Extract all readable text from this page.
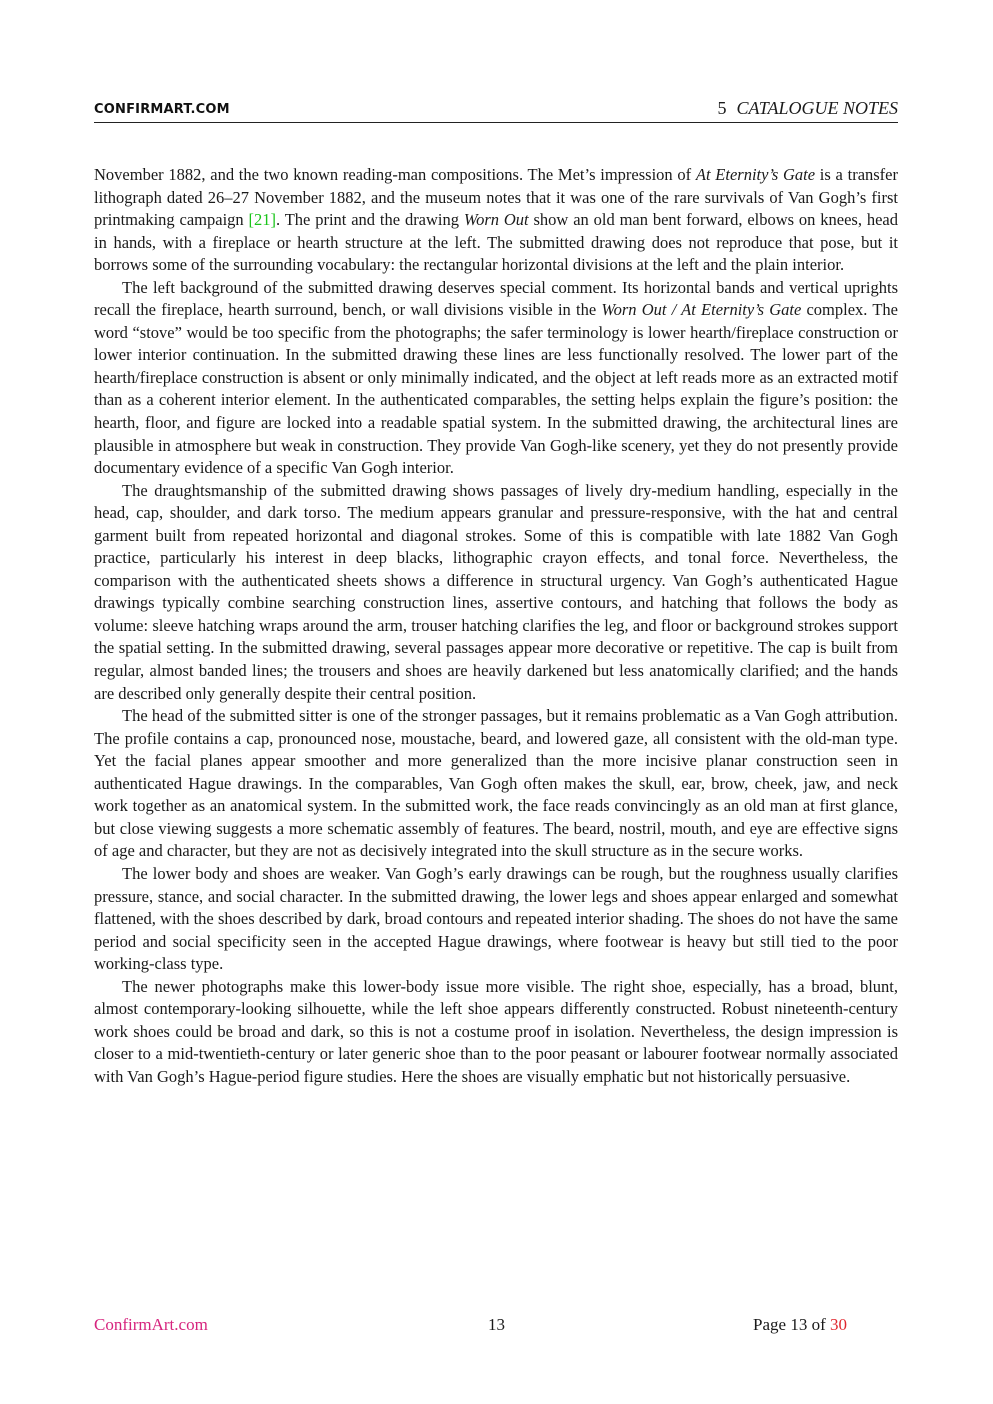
CONFIRMART.COM	5 CATALOGUE NOTES

November 1882, and the two known reading-man compositions. The Met’s impression of At Eternity’s Gate is a transfer lithograph dated 26–27 November 1882, and the museum notes that it was one of the rare survivals of Van Gogh’s first printmaking campaign [21]. The print and the drawing Worn Out show an old man bent forward, elbows on knees, head in hands, with a fireplace or hearth structure at the left. The submitted drawing does not reproduce that pose, but it borrows some of the surrounding vocabulary: the rectangular horizontal divisions at the left and the plain interior.

The left background of the submitted drawing deserves special comment. Its horizontal bands and vertical uprights recall the fireplace, hearth surround, bench, or wall divisions visible in the Worn Out / At Eternity’s Gate complex. The word “stove” would be too specific from the photographs; the safer terminology is lower hearth/fireplace construction or lower interior continuation. In the submitted drawing these lines are less functionally resolved. The lower part of the hearth/fireplace construction is absent or only minimally indicated, and the object at left reads more as an extracted motif than as a coherent interior element. In the authenticated comparables, the setting helps explain the figure’s position: the hearth, floor, and figure are locked into a readable spatial system. In the submitted drawing, the architectural lines are plausible in atmosphere but weak in construction. They provide Van Gogh-like scenery, yet they do not presently provide documentary evidence of a specific Van Gogh interior.

The draughtsmanship of the submitted drawing shows passages of lively dry-medium handling, especially in the head, cap, shoulder, and dark torso. The medium appears granular and pressure-responsive, with the hat and central garment built from repeated horizontal and diagonal strokes. Some of this is compatible with late 1882 Van Gogh practice, particularly his interest in deep blacks, lithographic crayon effects, and tonal force. Nevertheless, the comparison with the authenticated sheets shows a difference in structural urgency. Van Gogh’s authenticated Hague drawings typically combine searching construction lines, assertive contours, and hatching that follows the body as volume: sleeve hatching wraps around the arm, trouser hatching clarifies the leg, and floor or background strokes support the spatial setting. In the submitted drawing, several passages appear more decorative or repetitive. The cap is built from regular, almost banded lines; the trousers and shoes are heavily darkened but less anatomically clarified; and the hands are described only generally despite their central position.

The head of the submitted sitter is one of the stronger passages, but it remains problematic as a Van Gogh attribution. The profile contains a cap, pronounced nose, moustache, beard, and lowered gaze, all consistent with the old-man type. Yet the facial planes appear smoother and more generalized than the more incisive planar construction seen in authenticated Hague drawings. In the comparables, Van Gogh often makes the skull, ear, brow, cheek, jaw, and neck work together as an anatomical system. In the submitted work, the face reads convincingly as an old man at first glance, but close viewing suggests a more schematic assembly of features. The beard, nostril, mouth, and eye are effective signs of age and character, but they are not as decisively integrated into the skull structure as in the secure works.

The lower body and shoes are weaker. Van Gogh’s early drawings can be rough, but the roughness usually clarifies pressure, stance, and social character. In the submitted drawing, the lower legs and shoes appear enlarged and somewhat flattened, with the shoes described by dark, broad contours and repeated interior shading. The shoes do not have the same period and social specificity seen in the accepted Hague drawings, where footwear is heavy but still tied to the poor working-class type.

The newer photographs make this lower-body issue more visible. The right shoe, especially, has a broad, blunt, almost contemporary-looking silhouette, while the left shoe appears differently constructed. Robust nineteenth-century work shoes could be broad and dark, so this is not a costume proof in isolation. Nevertheless, the design impression is closer to a mid-twentieth-century or later generic shoe than to the poor peasant or labourer footwear normally associated with Van Gogh’s Hague-period figure studies. Here the shoes are visually emphatic but not historically persuasive.

ConfirmArt.com	13	Page 13 of 30
